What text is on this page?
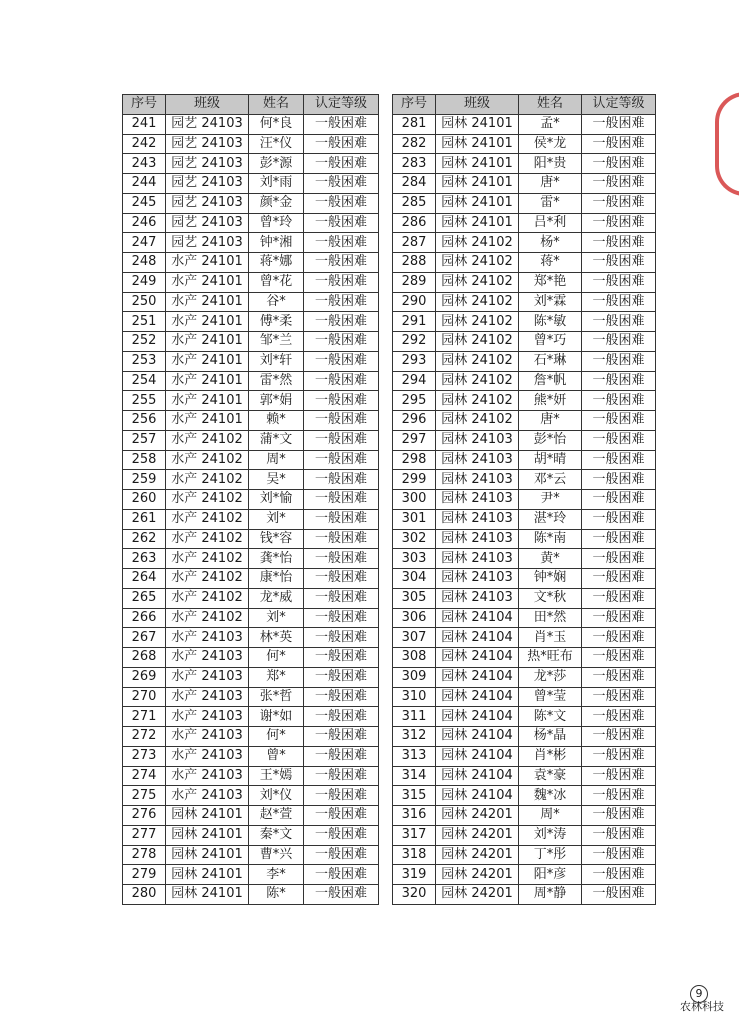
序号	班级	姓名	认定等级
241	园艺 24103	何*良	一般困难
242	园艺 24103	汪*仪	一般困难
243	园艺 24103	彭*源	一般困难
244	园艺 24103	刘*雨	一般困难
245	园艺 24103	颜*金	一般困难
246	园艺 24103	曾*玲	一般困难
247	园艺 24103	钟*湘	一般困难
248	水产 24101	蒋*娜	一般困难
249	水产 24101	曾*花	一般困难
250	水产 24101	谷*	一般困难
251	水产 24101	傅*柔	一般困难
252	水产 24101	邹*兰	一般困难
253	水产 24101	刘*轩	一般困难
254	水产 24101	雷*然	一般困难
255	水产 24101	郭*娟	一般困难
256	水产 24101	赖*	一般困难
257	水产 24102	蒲*文	一般困难
258	水产 24102	周*	一般困难
259	水产 24102	吴*	一般困难
260	水产 24102	刘*愉	一般困难
261	水产 24102	刘*	一般困难
262	水产 24102	钱*容	一般困难
263	水产 24102	龚*怡	一般困难
264	水产 24102	康*怡	一般困难
265	水产 24102	龙*威	一般困难
266	水产 24102	刘*	一般困难
267	水产 24103	林*英	一般困难
268	水产 24103	何*	一般困难
269	水产 24103	郑*	一般困难
270	水产 24103	张*哲	一般困难
271	水产 24103	谢*如	一般困难
272	水产 24103	何*	一般困难
273	水产 24103	曾*	一般困难
274	水产 24103	王*嫣	一般困难
275	水产 24103	刘*仪	一般困难
276	园林 24101	赵*萱	一般困难
277	园林 24101	秦*文	一般困难
278	园林 24101	曹*兴	一般困难
279	园林 24101	李*	一般困难
280	园林 24101	陈*	一般困难
序号	班级	姓名	认定等级
281	园林 24101	孟*	一般困难
282	园林 24101	侯*龙	一般困难
283	园林 24101	阳*贵	一般困难
284	园林 24101	唐*	一般困难
285	园林 24101	雷*	一般困难
286	园林 24101	吕*利	一般困难
287	园林 24102	杨*	一般困难
288	园林 24102	蒋*	一般困难
289	园林 24102	郑*艳	一般困难
290	园林 24102	刘*霖	一般困难
291	园林 24102	陈*敏	一般困难
292	园林 24102	曾*巧	一般困难
293	园林 24102	石*琳	一般困难
294	园林 24102	詹*帆	一般困难
295	园林 24102	熊*妍	一般困难
296	园林 24102	唐*	一般困难
297	园林 24103	彭*怡	一般困难
298	园林 24103	胡*晴	一般困难
299	园林 24103	邓*云	一般困难
300	园林 24103	尹*	一般困难
301	园林 24103	湛*玲	一般困难
302	园林 24103	陈*南	一般困难
303	园林 24103	黄*	一般困难
304	园林 24103	钟*娴	一般困难
305	园林 24103	文*秋	一般困难
306	园林 24104	田*然	一般困难
307	园林 24104	肖*玉	一般困难
308	园林 24104	热*旺布	一般困难
309	园林 24104	龙*莎	一般困难
310	园林 24104	曾*莹	一般困难
311	园林 24104	陈*文	一般困难
312	园林 24104	杨*晶	一般困难
313	园林 24104	肖*彬	一般困难
314	园林 24104	袁*豪	一般困难
315	园林 24104	魏*冰	一般困难
316	园林 24201	周*	一般困难
317	园林 24201	刘*涛	一般困难
318	园林 24201	丁*彤	一般困难
319	园林 24201	阳*彦	一般困难
320	园林 24201	周*静	一般困难
9
农林科技
